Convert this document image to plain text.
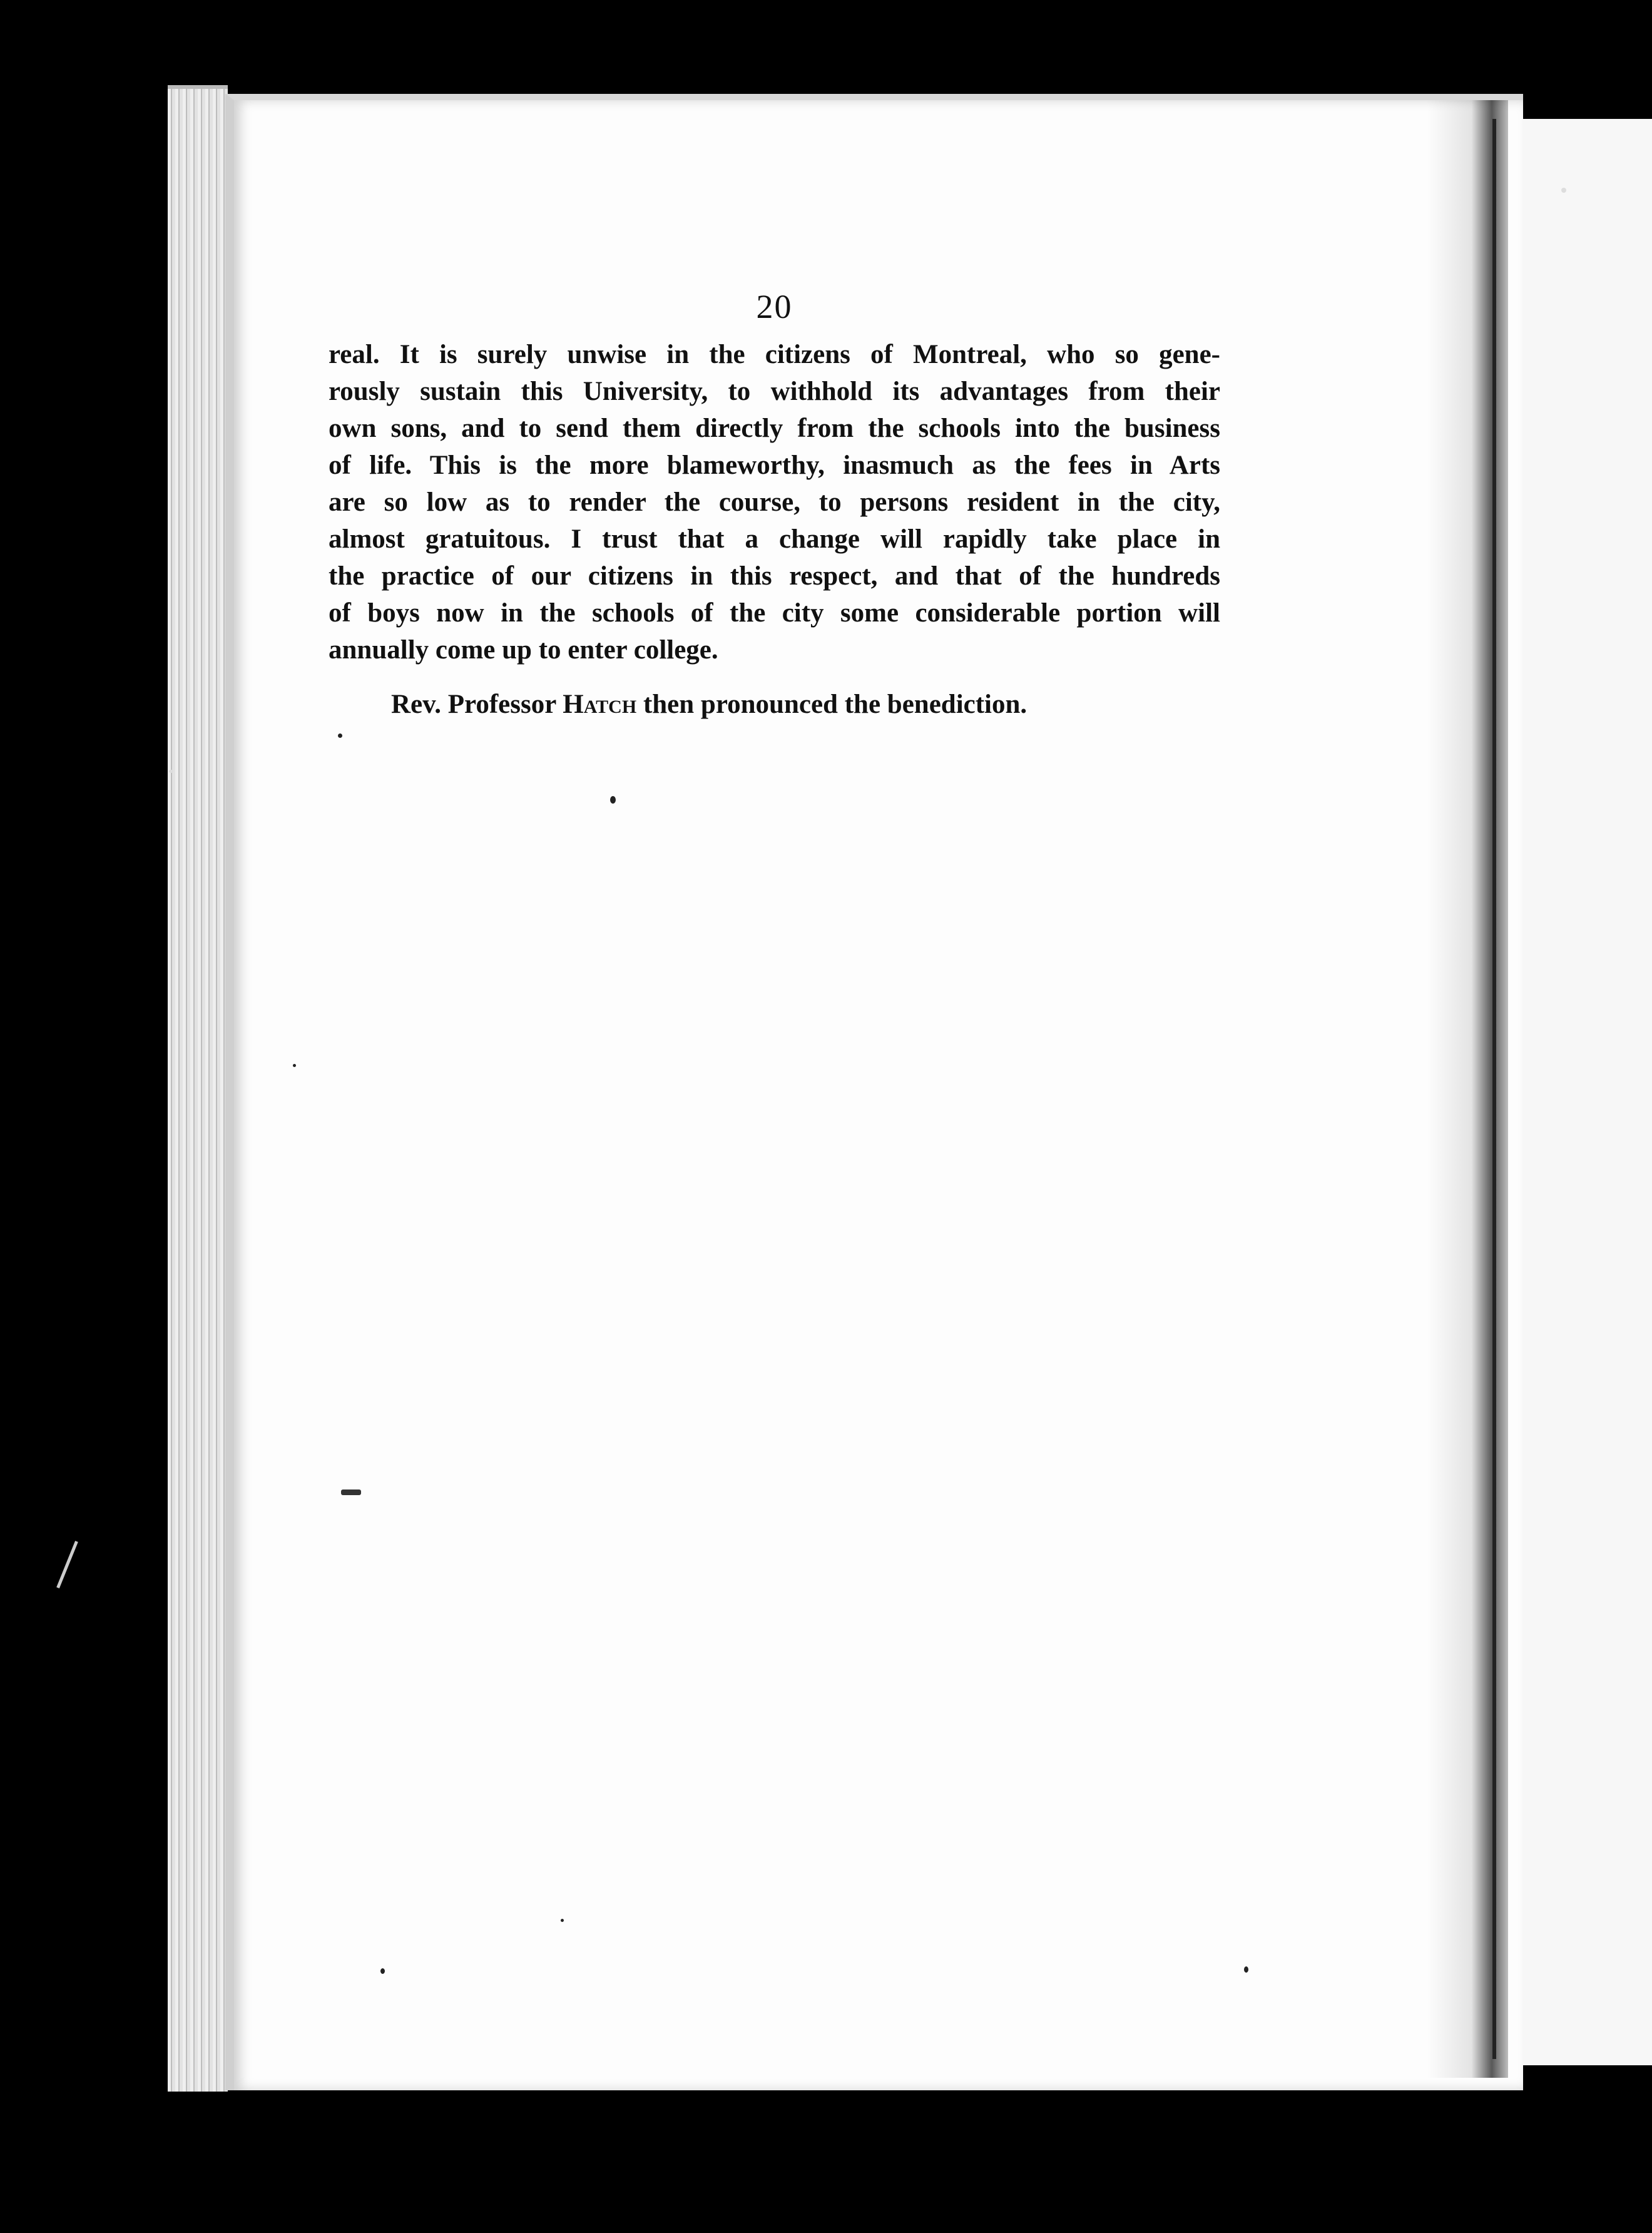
20
real. It is surely unwise in the citizens of Montreal, who so gene-
rously sustain this University, to withhold its advantages from their
own sons, and to send them directly from the schools into the business
of life. This is the more blameworthy, inasmuch as the fees in Arts
are so low as to render the course, to persons resident in the city,
almost gratuitous. I trust that a change will rapidly take place in
the practice of our citizens in this respect, and that of the hundreds
of boys now in the schools of the city some considerable portion will
annually come up to enter college.
Rev. Professor Hatch then pronounced the benediction.
